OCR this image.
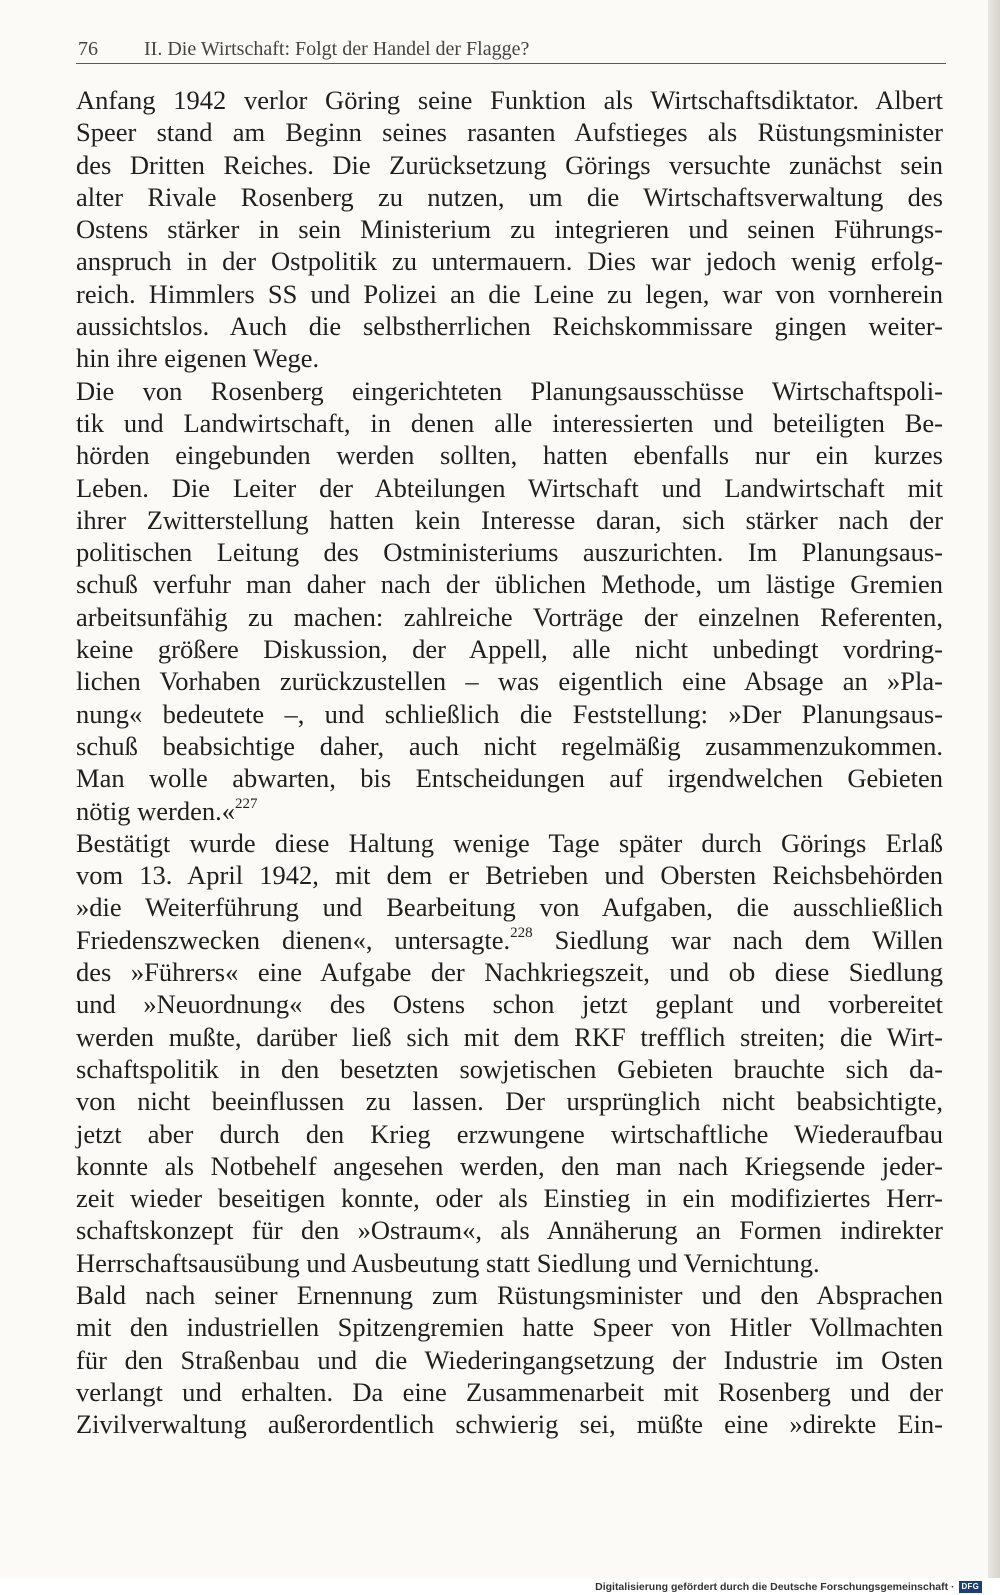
76 II. Die Wirtschaft: Folgt der Handel der Flagge?
Anfang 1942 verlor Göring seine Funktion als Wirtschaftsdiktator. Albert
Speer stand am Beginn seines rasanten Aufstieges als Rüstungsminister
des Dritten Reiches. Die Zurücksetzung Görings versuchte zunächst sein
alter Rivale Rosenberg zu nutzen, um die Wirtschaftsverwaltung des
Ostens stärker in sein Ministerium zu integrieren und seinen Führungs-
anspruch in der Ostpolitik zu untermauern. Dies war jedoch wenig erfolg-
reich. Himmlers SS und Polizei an die Leine zu legen, war von vornherein
aussichtslos. Auch die selbstherrlichen Reichskommissare gingen weiter-
hin ihre eigenen Wege.
Die von Rosenberg eingerichteten Planungsausschüsse Wirtschaftspoli-
tik und Landwirtschaft, in denen alle interessierten und beteiligten Be-
hörden eingebunden werden sollten, hatten ebenfalls nur ein kurzes
Leben. Die Leiter der Abteilungen Wirtschaft und Landwirtschaft mit
ihrer Zwitterstellung hatten kein Interesse daran, sich stärker nach der
politischen Leitung des Ostministeriums auszurichten. Im Planungsaus-
schuß verfuhr man daher nach der üblichen Methode, um lästige Gremien
arbeitsunfähig zu machen: zahlreiche Vorträge der einzelnen Referenten,
keine größere Diskussion, der Appell, alle nicht unbedingt vordring-
lichen Vorhaben zurückzustellen – was eigentlich eine Absage an »Pla-
nung« bedeutete –, und schließlich die Feststellung: »Der Planungsaus-
schuß beabsichtige daher, auch nicht regelmäßig zusammenzukommen.
Man wolle abwarten, bis Entscheidungen auf irgendwelchen Gebieten
nötig werden.«$^{227}$
Bestätigt wurde diese Haltung wenige Tage später durch Görings Erlaß
vom 13. April 1942, mit dem er Betrieben und Obersten Reichsbehörden
»die Weiterführung und Bearbeitung von Aufgaben, die ausschließlich
Friedenszwecken dienen«, untersagte.$^{228}$ Siedlung war nach dem Willen
des »Führers« eine Aufgabe der Nachkriegszeit, und ob diese Siedlung
und »Neuordnung« des Ostens schon jetzt geplant und vorbereitet
werden mußte, darüber ließ sich mit dem RKF trefflich streiten; die Wirt-
schaftspolitik in den besetzten sowjetischen Gebieten brauchte sich da-
von nicht beeinflussen zu lassen. Der ursprünglich nicht beabsichtigte,
jetzt aber durch den Krieg erzwungene wirtschaftliche Wiederaufbau
konnte als Notbehelf angesehen werden, den man nach Kriegsende jeder-
zeit wieder beseitigen konnte, oder als Einstieg in ein modifiziertes Herr-
schaftskonzept für den »Ostraum«, als Annäherung an Formen indirekter
Herrschaftsausübung und Ausbeutung statt Siedlung und Vernichtung.
Bald nach seiner Ernennung zum Rüstungsminister und den Absprachen
mit den industriellen Spitzengremien hatte Speer von Hitler Vollmachten
für den Straßenbau und die Wiederingangsetzung der Industrie im Osten
verlangt und erhalten. Da eine Zusammenarbeit mit Rosenberg und der
Zivilverwaltung außerordentlich schwierig sei, müßte eine »direkte Ein-
Digitalisierung gefördert durch die Deutsche Forschungsgemeinschaft · DFG
